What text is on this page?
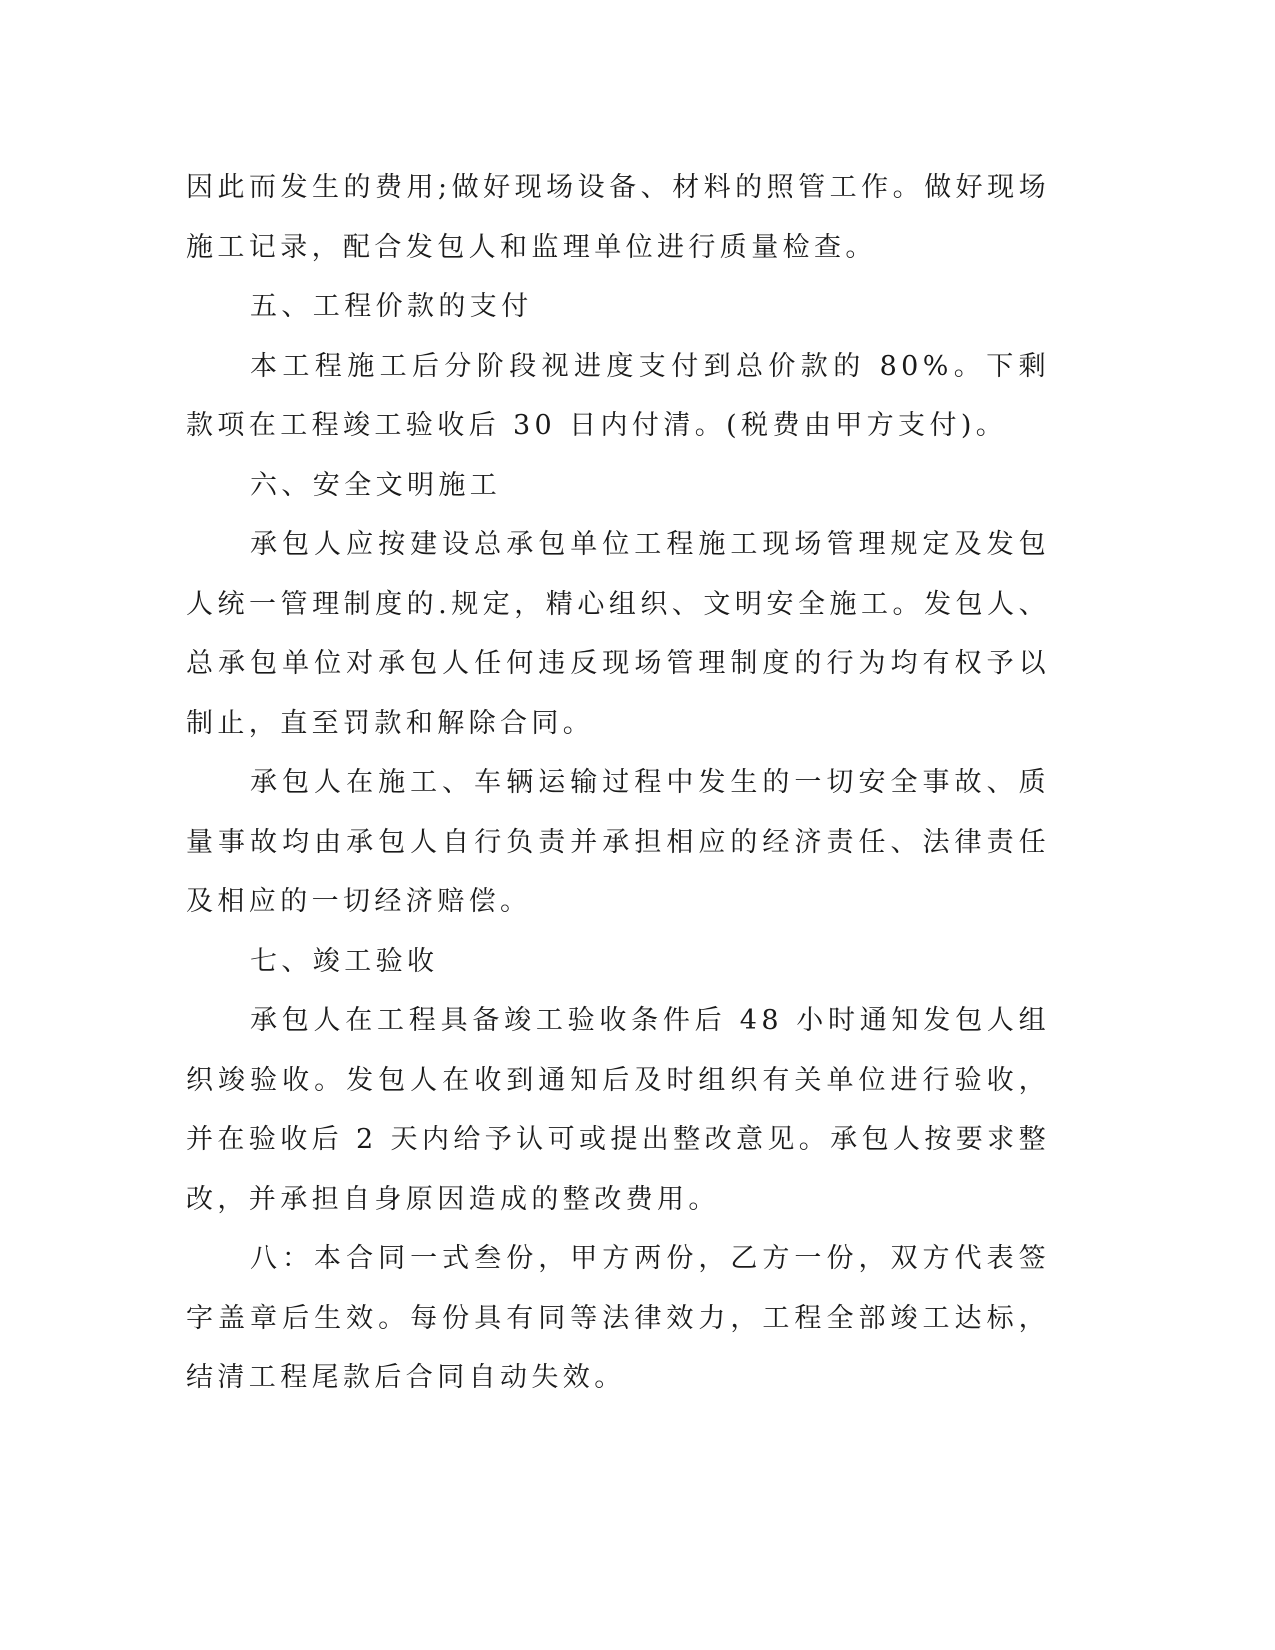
因此而发生的费用;做好现场设备、材料的照管工作。做好现场施工记录，配合发包人和监理单位进行质量检查。

五、工程价款的支付

本工程施工后分阶段视进度支付到总价款的 80%。下剩款项在工程竣工验收后 30 日内付清。(税费由甲方支付)。

六、安全文明施工

承包人应按建设总承包单位工程施工现场管理规定及发包人统一管理制度的.规定，精心组织、文明安全施工。发包人、总承包单位对承包人任何违反现场管理制度的行为均有权予以制止，直至罚款和解除合同。

承包人在施工、车辆运输过程中发生的一切安全事故、质量事故均由承包人自行负责并承担相应的经济责任、法律责任及相应的一切经济赔偿。

七、竣工验收

承包人在工程具备竣工验收条件后 48 小时通知发包人组织竣验收。发包人在收到通知后及时组织有关单位进行验收，并在验收后 2 天内给予认可或提出整改意见。承包人按要求整改，并承担自身原因造成的整改费用。

八：本合同一式叁份，甲方两份，乙方一份，双方代表签字盖章后生效。每份具有同等法律效力，工程全部竣工达标，结清工程尾款后合同自动失效。
